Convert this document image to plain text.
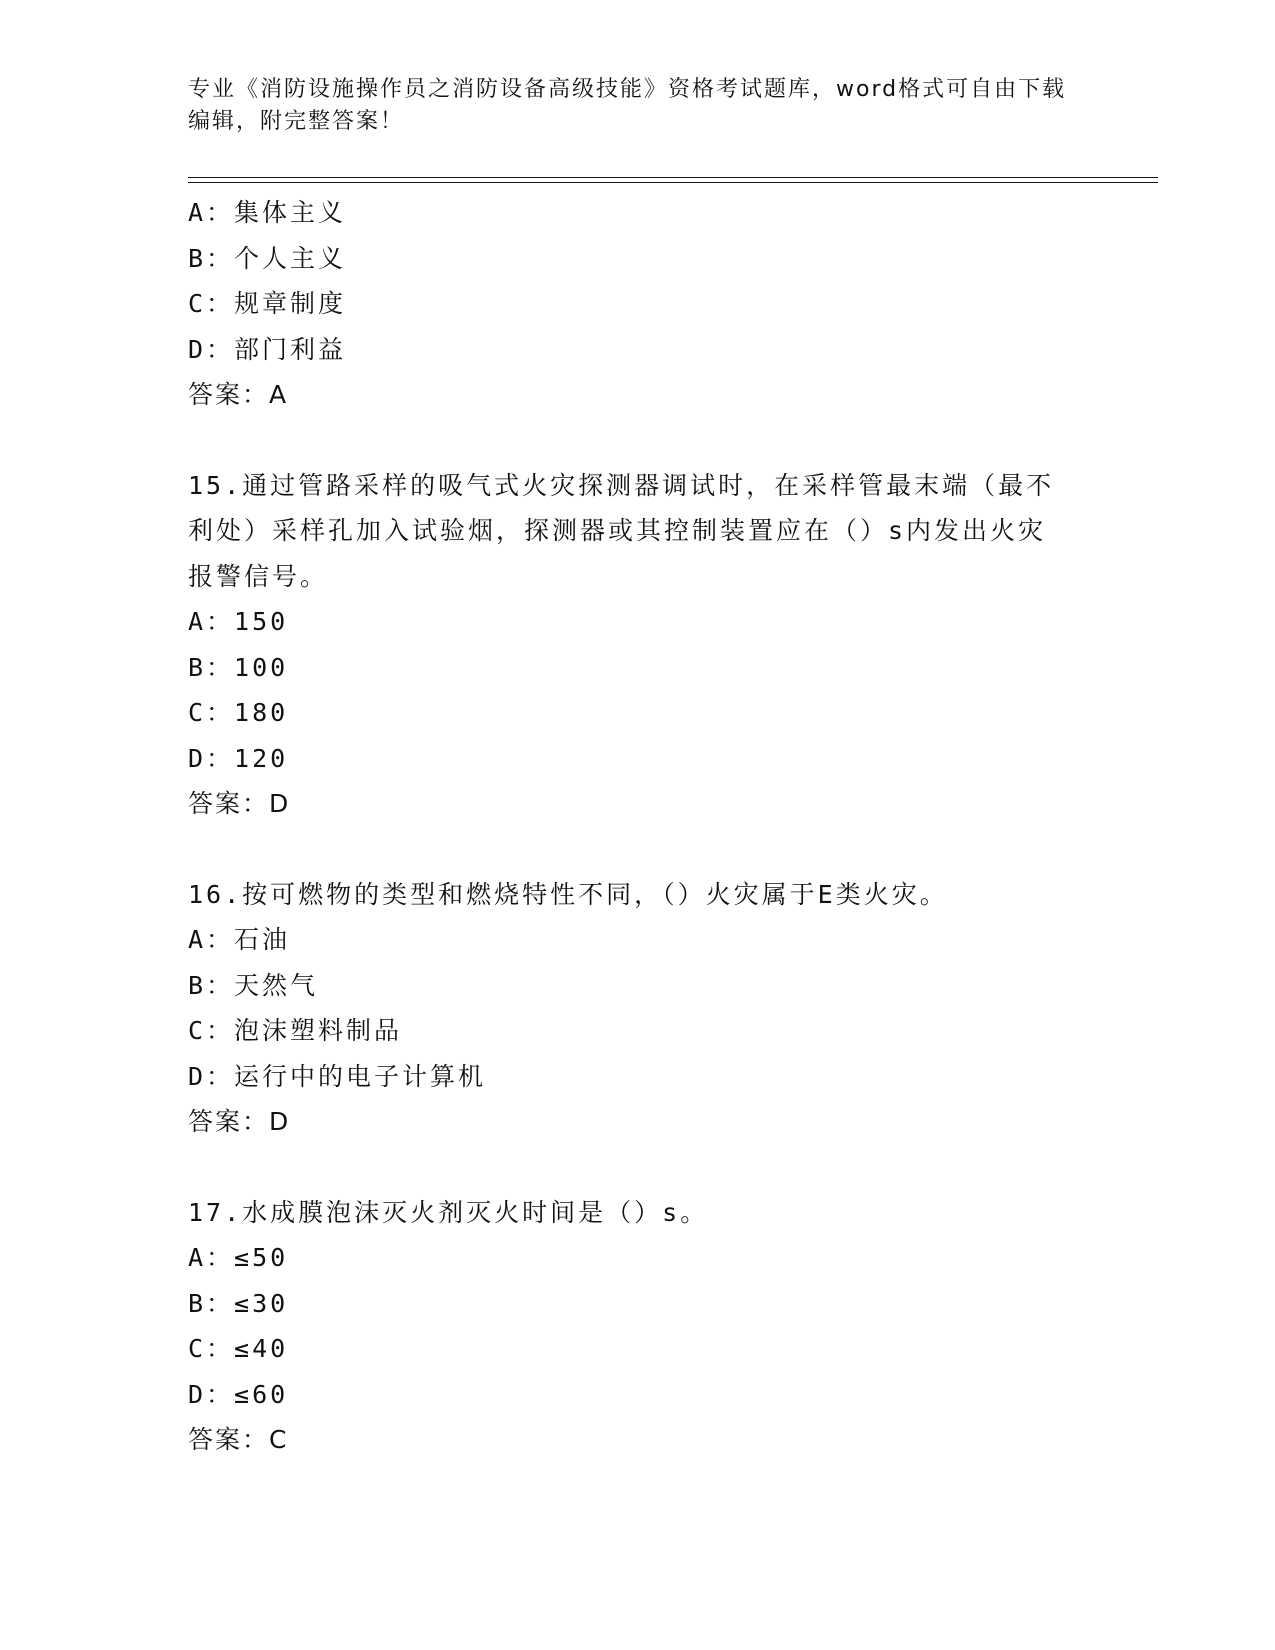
专业《消防设施操作员之消防设备高级技能》资格考试题库，word格式可自由下载编辑，附完整答案！
A：集体主义
B：个人主义
C：规章制度
D：部门利益
答案：A
15.通过管路采样的吸气式火灾探测器调试时，在采样管最末端（最不
利处）采样孔加入试验烟，探测器或其控制装置应在（）s内发出火灾
报警信号。
A：150
B：100
C：180
D：120
答案：D
16.按可燃物的类型和燃烧特性不同，（）火灾属于E类火灾。
A：石油
B：天然气
C：泡沫塑料制品
D：运行中的电子计算机
答案：D
17.水成膜泡沫灭火剂灭火时间是（）s。
A：≤50
B：≤30
C：≤40
D：≤60
答案：C
